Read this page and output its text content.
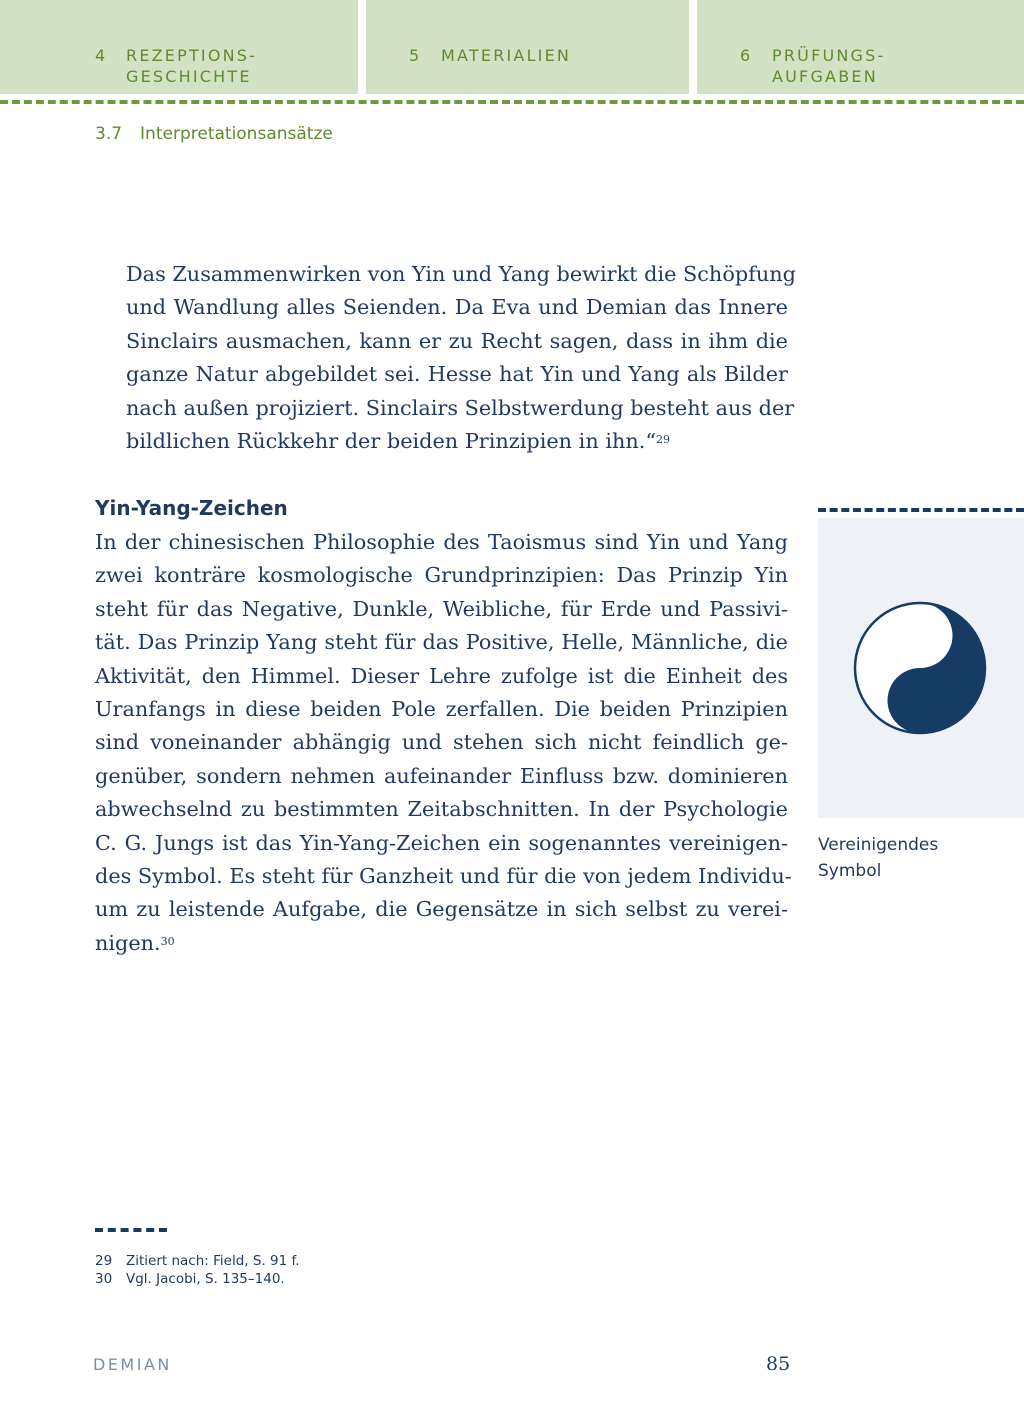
4 REZEPTIONS-
GESCHICHTE
5 MATERIALIEN	6 PRÜFUNGS-
AUFGABEN
3.7 Interpretationsansätze
Das Zusammenwirken von Yin und Yang bewirkt die Schöpfung
und Wandlung alles Seienden. Da Eva und Demian das Innere
Sinclairs ausmachen, kann er zu Recht sagen, dass in ihm die
ganze Natur abgebildet sei. Hesse hat Yin und Yang als Bilder
nach außen projiziert. Sinclairs Selbstwerdung besteht aus der
bildlichen Rückkehr der beiden Prinzipien in ihn.“$^{29}$
Yin-Yang-Zeichen
In der chinesischen Philosophie des Taoismus sind Yin und Yang
zwei konträre kosmologische Grundprinzipien: Das Prinzip Yin
steht für das Negative, Dunkle, Weibliche, für Erde und Passivi-
tät. Das Prinzip Yang steht für das Positive, Helle, Männliche, die
Aktivität, den Himmel. Dieser Lehre zufolge ist die Einheit des
Uranfangs in diese beiden Pole zerfallen. Die beiden Prinzipien
sind voneinander abhängig und stehen sich nicht feindlich ge-
genüber, sondern nehmen aufeinander Einfluss bzw. dominieren
abwechselnd zu bestimmten Zeitabschnitten. In der Psychologie
C. G. Jungs ist das Yin-Yang-Zeichen ein sogenanntes vereinigen-
des Symbol. Es steht für Ganzheit und für die von jedem Individu-
um zu leistende Aufgabe, die Gegensätze in sich selbst zu verei-
nigen.$^{30}$
Vereinigendes
Symbol
29 Zitiert nach: Field, S. 91 f.
30 Vgl. Jacobi, S. 135–140.
DEMIAN	85
